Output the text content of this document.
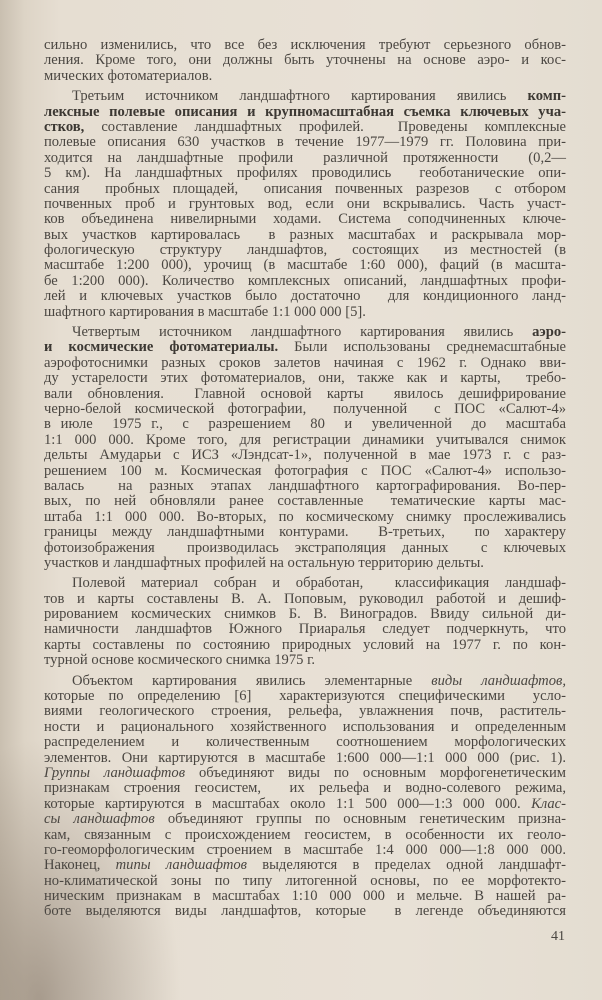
сильно изменились, что все без исключения требуют серьезного обнов-
ления. Кроме того, они должны быть уточнены на основе аэро- и кос-
мических фотоматериалов.
Третьим источником ландшафтного картирования явились комп-
лексные полевые описания и крупномасштабная съемка ключевых уча-
стков, составление ландшафтных профилей.  Проведены комплексные
полевые описания 630 участков в течение 1977—1979 гг. Половина при-
ходится на ландшафтные профили  различной протяженности  (0,2—
5 км). На ландшафтных профилях проводились  геоботанические опи-
сания  пробных площадей,  описания почвенных разрезов  с отбором
почвенных проб и грунтовых вод, если они вскрывались. Часть участ-
ков объединена нивелирными ходами. Система соподчиненных ключе-
вых участков картировалась  в разных масштабах и раскрывала мор-
фологическую  структуру  ландшафтов,  состоящих  из местностей (в
масштабе 1:200 000), урочищ (в масштабе 1:60 000), фаций (в масшта-
бе 1:200 000). Количество комплексных описаний, ландшафтных профи-
лей и ключевых участков было достаточно  для кондиционного ланд-
шафтного картирования в масштабе 1:1 000 000 [5].
Четвертым источником ландшафтного картирования явились аэро-
и космические фотоматериалы. Были использованы среднемасштабные
аэрофотоснимки разных сроков залетов начиная с 1962 г. Однако вви-
ду устарелости этих фотоматериалов, они, также как и карты,  требо-
вали обновления.  Главной основой карты  явилось дешифрирование
черно-белой космической фотографии,  полученной  с ПОС «Салют-4»
в июле  1975 г.,  с  разрешением  80  и  увеличенной  до  масштаба
1:1 000 000. Кроме того, для регистрации динамики учитывался снимок
дельты Амударьи с ИСЗ «Лэндсат-1», полученной в мае 1973 г. с раз-
решением 100 м. Космическая фотография с ПОС «Салют-4» использо-
валась  на разных этапах ландшафтного картографирования. Во-пер-
вых, по ней обновляли ранее составленные  тематические карты мас-
штаба 1:1 000 000. Во-вторых, по космическому снимку прослеживались
границы между ландшафтными контурами.  В-третьих,  по характеру
фотоизображения  производилась экстраполяция данных  с ключевых
участков и ландшафтных профилей на остальную территорию дельты.
Полевой материал собран и обработан,  классификация ландшаф-
тов и карты составлены В. А. Поповым, руководил работой и дешиф-
рированием космических снимков Б. В. Виноградов. Ввиду сильной ди-
намичности ландшафтов Южного Приаралья следует подчеркнуть, что
карты составлены по состоянию природных условий на 1977 г. по кон-
турной основе космического снимка 1975 г.
Объектом картирования явились элементарные виды ландшафтов,
которые по определению [6]  характеризуются специфическими  усло-
виями геологического строения, рельефа, увлажнения почв, раститель-
ности и рационального хозяйственного использования и определенным
распределением  и  количественным  соотношением  морфологических
элементов. Они картируются в масштабе 1:600 000—1:1 000 000 (рис. 1).
Группы ландшафтов объединяют виды по основным морфогенетическим
признакам строения геосистем,  их рельефа и водно-солевого режима,
которые картируются в масштабах около 1:1 500 000—1:3 000 000. Клас-
сы ландшафтов объединяют группы по основным генетическим призна-
кам, связанным с происхождением геосистем, в особенности их геоло-
го-геоморфологическим строением в масштабе 1:4 000 000—1:8 000 000.
Наконец, типы ландшафтов выделяются в пределах одной ландшафт-
но-климатической зоны по типу литогенной основы, по ее морфотекто-
ническим признакам в масштабах 1:10 000 000 и мельче. В нашей ра-
боте выделяются виды ландшафтов, которые  в легенде объединяются
41
